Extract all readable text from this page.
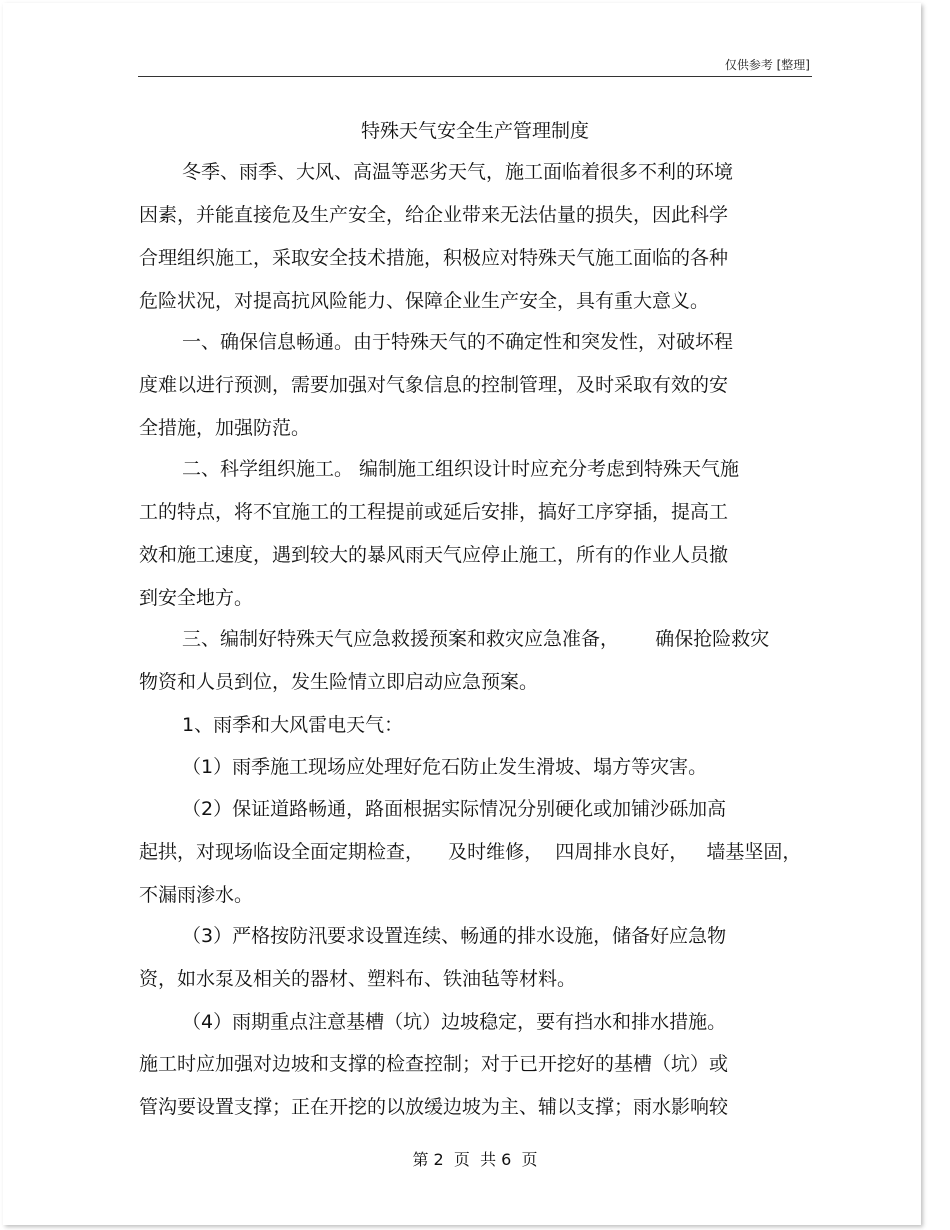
仅供参考 [整理]
特殊天气安全生产管理制度
冬季、雨季、大风、高温等恶劣天气，施工面临着很多不利的环境
因素，并能直接危及生产安全，给企业带来无法估量的损失，因此科学
合理组织施工，采取安全技术措施，积极应对特殊天气施工面临的各种
危险状况，对提高抗风险能力、保障企业生产安全，具有重大意义。
一、确保信息畅通。由于特殊天气的不确定性和突发性，对破坏程
度难以进行预测，需要加强对气象信息的控制管理，及时采取有效的安
全措施，加强防范。
二、科学组织施工。 编制施工组织设计时应充分考虑到特殊天气施
工的特点，将不宜施工的工程提前或延后安排，搞好工序穿插，提高工
效和施工速度，遇到较大的暴风雨天气应停止施工，所有的作业人员撤
到安全地方。
三、编制好特殊天气应急救援预案和救灾应急准备，      确保抢险救灾
物资和人员到位，发生险情立即启动应急预案。
1、雨季和大风雷电天气：
（1）雨季施工现场应处理好危石防止发生滑坡、塌方等灾害。
（2）保证道路畅通，路面根据实际情况分别硬化或加铺沙砾加高
起拱，对现场临设全面定期检查，    及时维修，  四周排水良好，   墙基坚固，
不漏雨渗水。
（3）严格按防汛要求设置连续、畅通的排水设施，储备好应急物
资，如水泵及相关的器材、塑料布、铁油毡等材料。
（4）雨期重点注意基槽（坑）边坡稳定，要有挡水和排水措施。
施工时应加强对边坡和支撑的检查控制；对于已开挖好的基槽（坑）或
管沟要设置支撑；正在开挖的以放缓边坡为主、辅以支撑；雨水影响较
第 2  页  共 6  页
